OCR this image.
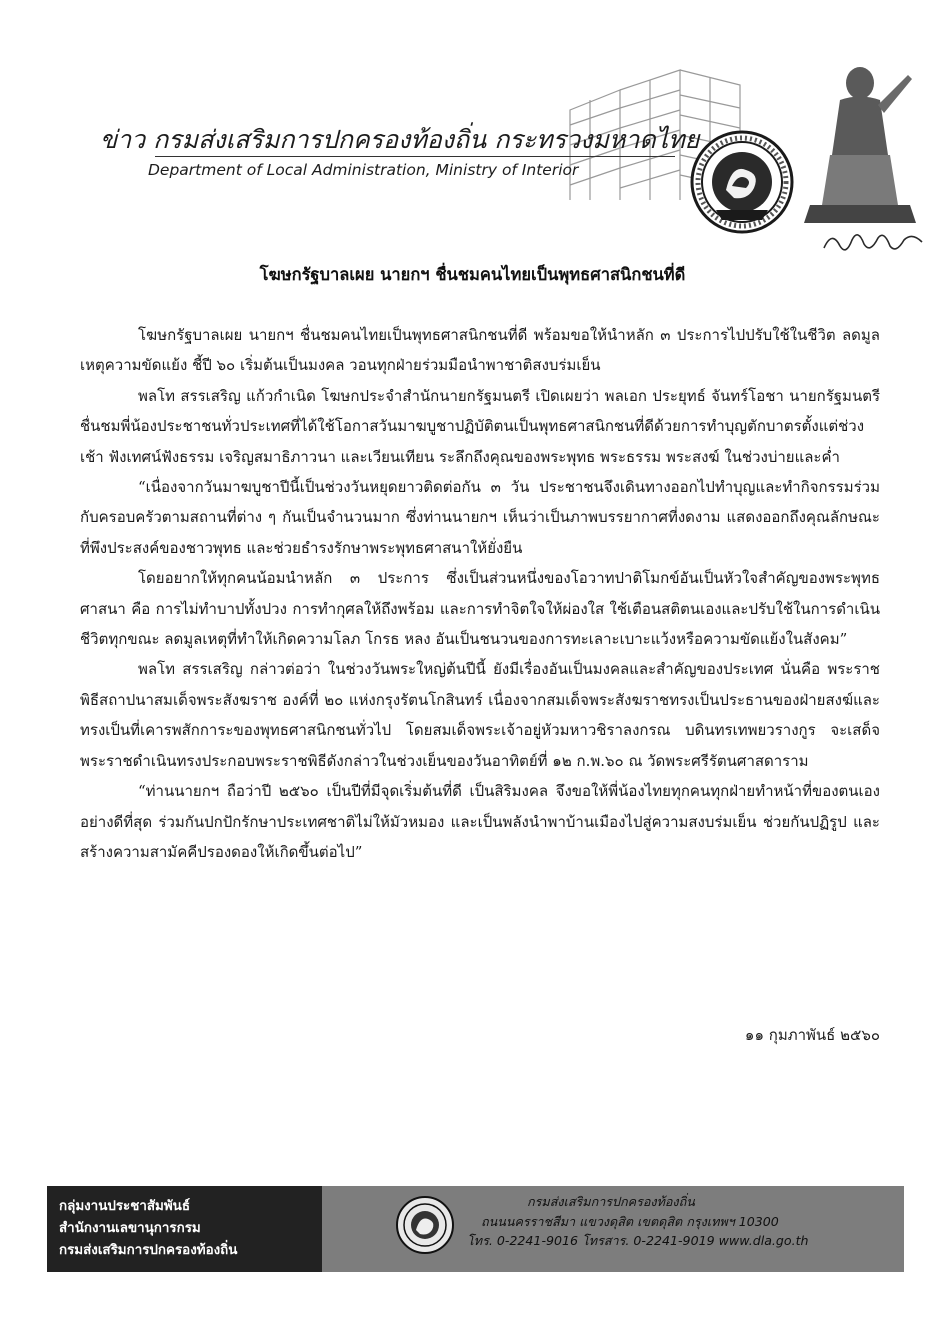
ข่าว กรมส่งเสริมการปกครองท้องถิ่น กระทรวงมหาดไทย
Department of Local Administration, Ministry of Interior
โฆษกรัฐบาลเผย นายกฯ ชื่นชมคนไทยเป็นพุทธศาสนิกชนที่ดี

โฆษกรัฐบาลเผย นายกฯ ชื่นชมคนไทยเป็นพุทธศาสนิกชนที่ดี พร้อมขอให้นำหลัก ๓ ประการไปปรับใช้ในชีวิต ลดมูลเหตุความขัดแย้ง ชี้ปี ๖๐ เริ่มต้นเป็นมงคล วอนทุกฝ่ายร่วมมือนำพาชาติสงบร่มเย็น

พลโท สรรเสริญ แก้วกำเนิด โฆษกประจำสำนักนายกรัฐมนตรี เปิดเผยว่า พลเอก ประยุทธ์ จันทร์โอชา นายกรัฐมนตรี ชื่นชมพี่น้องประชาชนทั่วประเทศที่ได้ใช้โอกาสวันมาฆบูชาปฏิบัติตนเป็นพุทธศาสนิกชนที่ดีด้วยการทำบุญตักบาตรตั้งแต่ช่วงเช้า ฟังเทศน์ฟังธรรม เจริญสมาธิภาวนา และเวียนเทียน ระลึกถึงคุณของพระพุทธ พระธรรม พระสงฆ์ ในช่วงบ่ายและค่ำ

“เนื่องจากวันมาฆบูชาปีนี้เป็นช่วงวันหยุดยาวติดต่อกัน ๓ วัน ประชาชนจึงเดินทางออกไปทำบุญและทำกิจกรรมร่วมกับครอบครัวตามสถานที่ต่าง ๆ กันเป็นจำนวนมาก ซึ่งท่านนายกฯ เห็นว่าเป็นภาพบรรยากาศที่งดงาม แสดงออกถึงคุณลักษณะที่พึงประสงค์ของชาวพุทธ และช่วยธำรงรักษาพระพุทธศาสนาให้ยั่งยืน

โดยอยากให้ทุกคนน้อมนำหลัก ๓ ประการ ซึ่งเป็นส่วนหนึ่งของโอวาทปาติโมกข์อันเป็นหัวใจสำคัญของพระพุทธศาสนา คือ การไม่ทำบาปทั้งปวง การทำกุศลให้ถึงพร้อม และการทำจิตใจให้ผ่องใส ใช้เตือนสติตนเองและปรับใช้ในการดำเนินชีวิตทุกขณะ ลดมูลเหตุที่ทำให้เกิดความโลภ โกรธ หลง อันเป็นชนวนของการทะเลาะเบาะแว้งหรือความขัดแย้งในสังคม”

พลโท สรรเสริญ กล่าวต่อว่า ในช่วงวันพระใหญ่ต้นปีนี้ ยังมีเรื่องอันเป็นมงคลและสำคัญของประเทศ นั่นคือ พระราชพิธีสถาปนาสมเด็จพระสังฆราช องค์ที่ ๒๐ แห่งกรุงรัตนโกสินทร์ เนื่องจากสมเด็จพระสังฆราชทรงเป็นประธานของฝ่ายสงฆ์และทรงเป็นที่เคารพสักการะของพุทธศาสนิกชนทั่วไป โดยสมเด็จพระเจ้าอยู่หัวมหาวชิราลงกรณ บดินทรเทพยวรางกูร จะเสด็จพระราชดำเนินทรงประกอบพระราชพิธีดังกล่าวในช่วงเย็นของวันอาทิตย์ที่ ๑๒ ก.พ.๖๐ ณ วัดพระศรีรัตนศาสดาราม

“ท่านนายกฯ ถือว่าปี ๒๕๖๐ เป็นปีที่มีจุดเริ่มต้นที่ดี เป็นสิริมงคล จึงขอให้พี่น้องไทยทุกคนทุกฝ่ายทำหน้าที่ของตนเองอย่างดีที่สุด ร่วมกันปกปักรักษาประเทศชาติไม่ให้มัวหมอง และเป็นพลังนำพาบ้านเมืองไปสู่ความสงบร่มเย็น ช่วยกันปฏิรูป และสร้างความสามัคคีปรองดองให้เกิดขึ้นต่อไป”

๑๑ กุมภาพันธ์ ๒๕๖๐
กลุ่มงานประชาสัมพันธ์
สำนักงานเลขานุการกรม
กรมส่งเสริมการปกครองท้องถิ่น
กรมส่งเสริมการปกครองท้องถิ่น
ถนนนครราชสีมา แขวงดุสิต เขตดุสิต กรุงเทพฯ 10300
โทร. 0-2241-9016 โทรสาร. 0-2241-9019 www.dla.go.th
